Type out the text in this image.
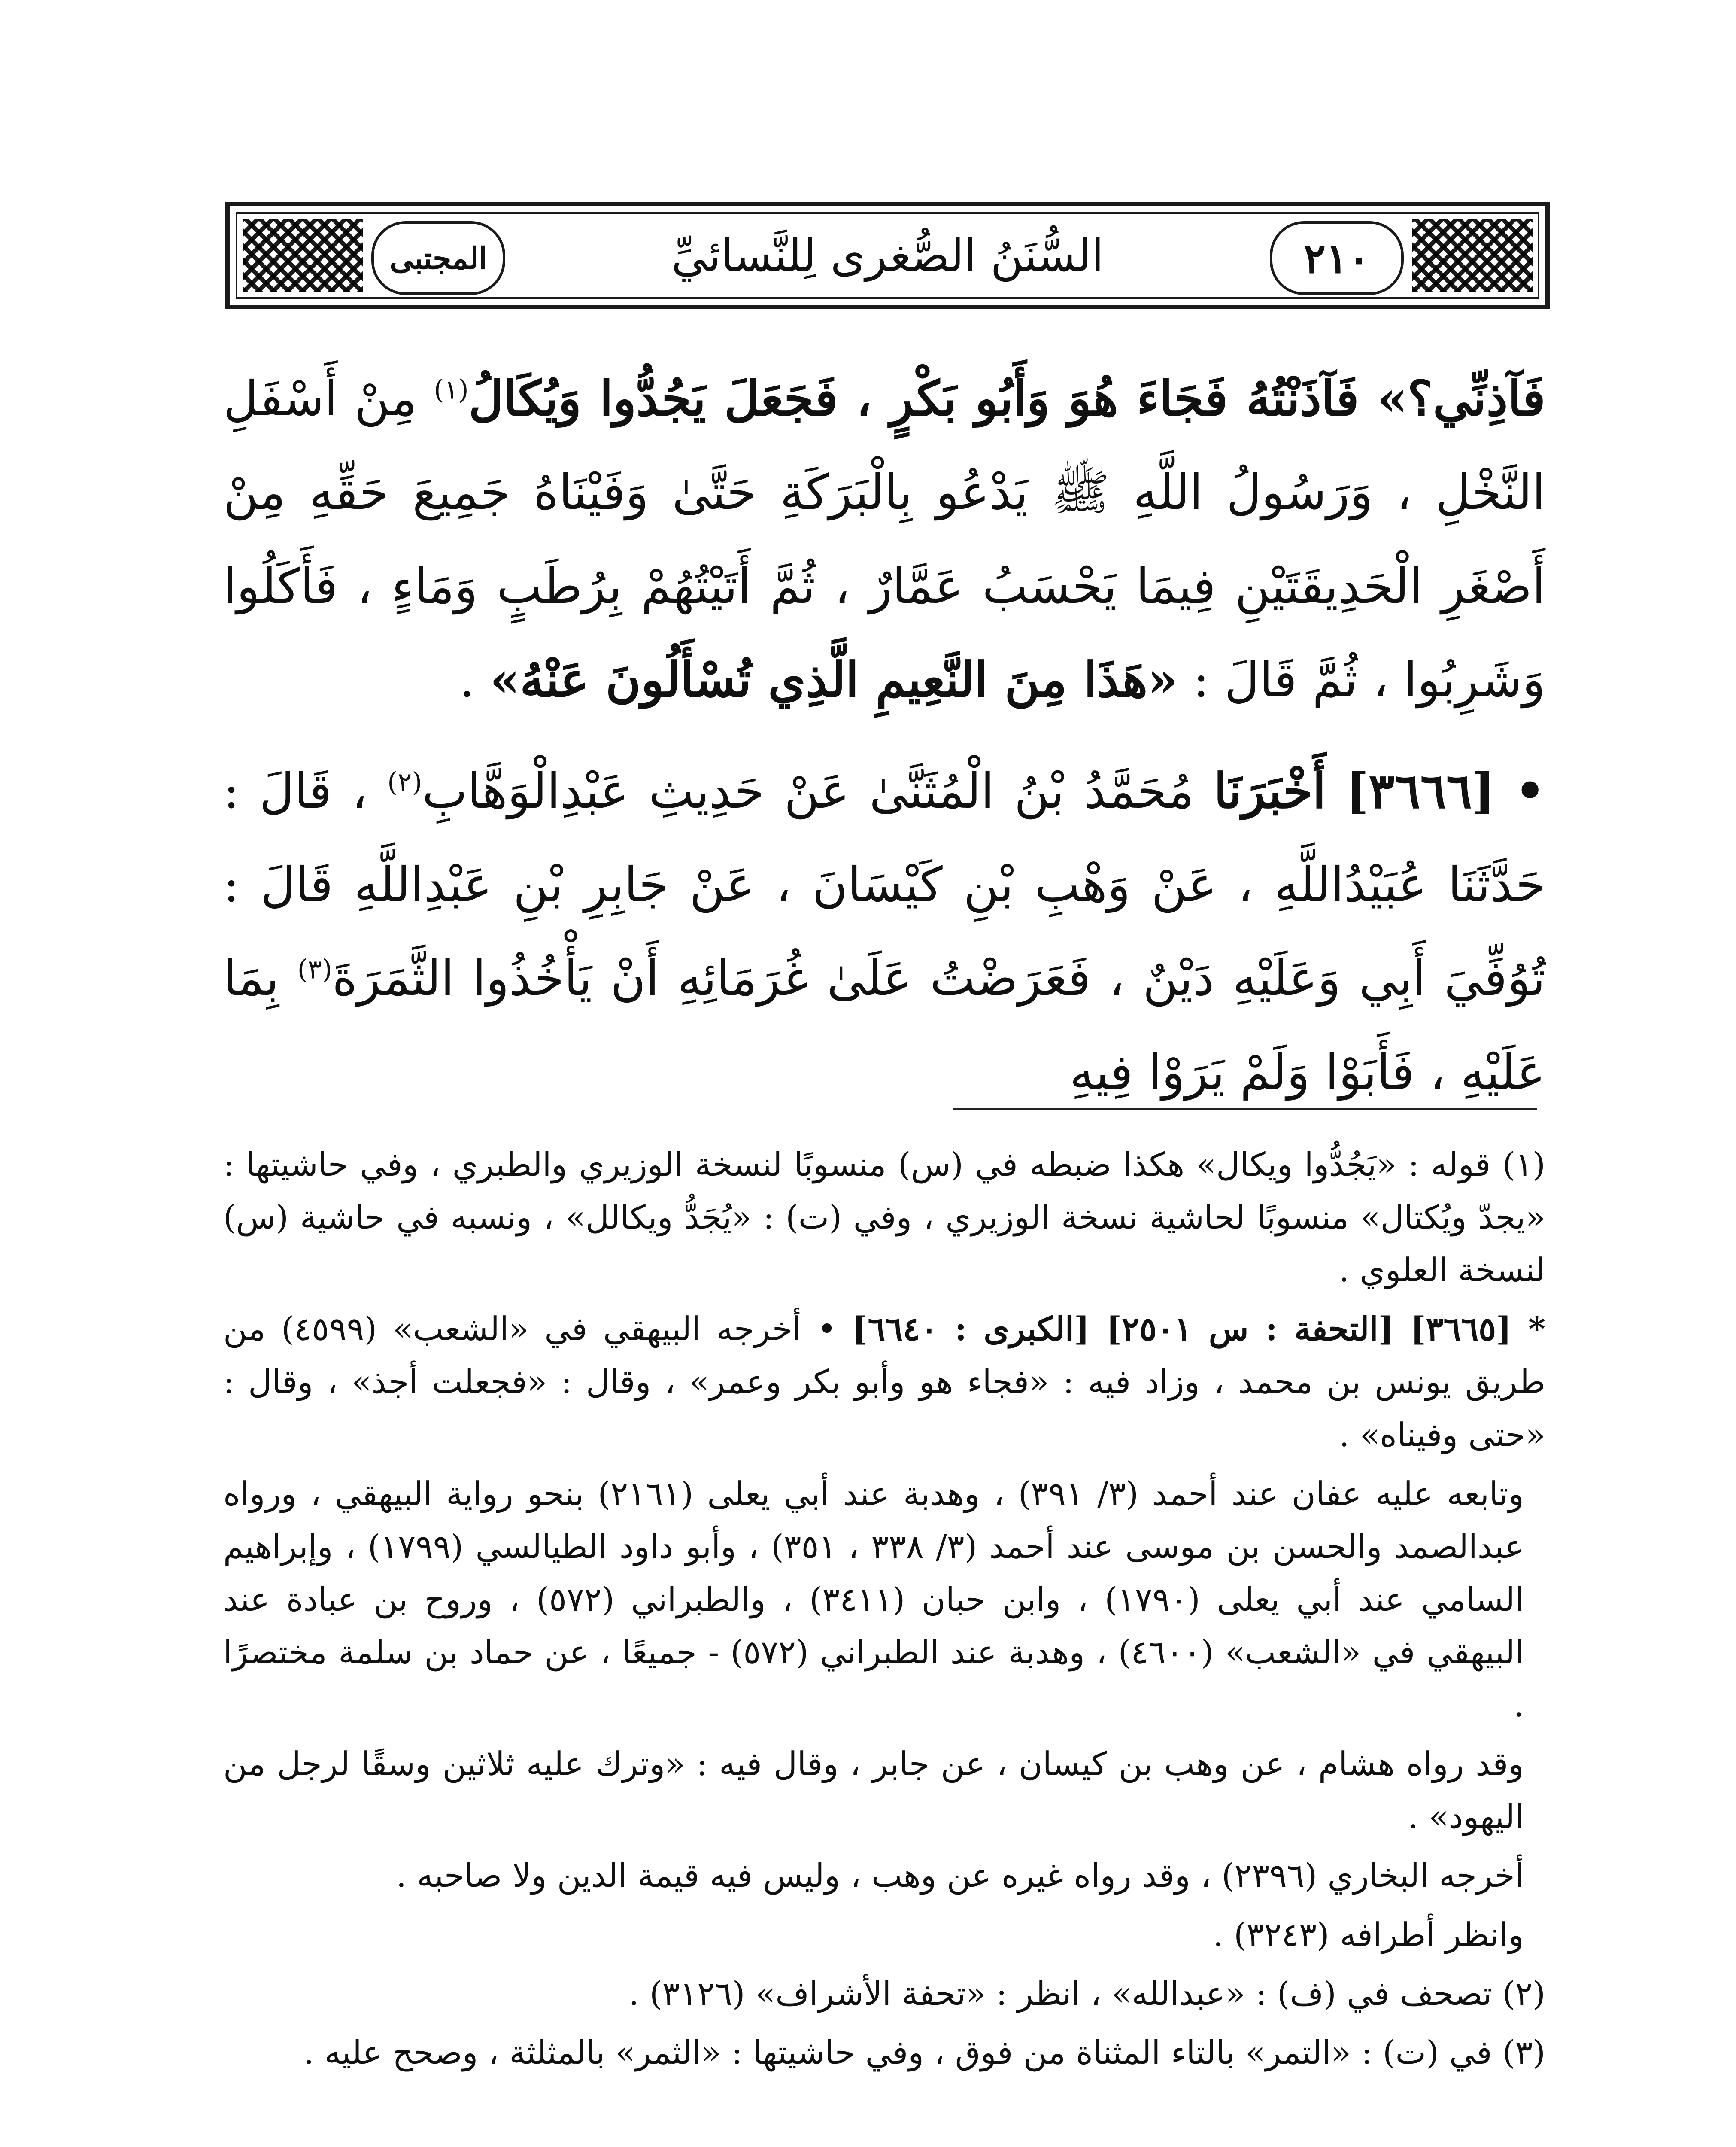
المجتبى	السُّنَنُ الصُّغرى لِلنَّسائيِّ	٢١٠

فَآذِنِّي؟» فَآذَنْتُهُ فَجَاءَ هُوَ وَأَبُو بَكْرٍ ، فَجَعَلَ يَجُدُّوا وَيُكَالُ$^{(١)}$ مِنْ أَسْفَلِ النَّخْلِ ، وَرَسُولُ اللَّهِ ﷺ يَدْعُو بِالْبَرَكَةِ حَتَّىٰ وَفَيْنَاهُ جَمِيعَ حَقِّهِ مِنْ أَصْغَرِ الْحَدِيقَتَيْنِ فِيمَا يَحْسَبُ عَمَّارٌ ، ثُمَّ أَتَيْتُهُمْ بِرُطَبٍ وَمَاءٍ ، فَأَكَلُوا وَشَرِبُوا ، ثُمَّ قَالَ : «هَذَا مِنَ النَّعِيمِ الَّذِي تُسْأَلُونَ عَنْهُ» .

• [٣٦٦٦] أَخْبَرَنَا مُحَمَّدُ بْنُ الْمُثَنَّىٰ عَنْ حَدِيثِ عَبْدِالْوَهَّابِ$^{(٢)}$ ، قَالَ : حَدَّثَنَا عُبَيْدُاللَّهِ ، عَنْ وَهْبِ بْنِ كَيْسَانَ ، عَنْ جَابِرِ بْنِ عَبْدِاللَّهِ قَالَ : تُوُفِّيَ أَبِي وَعَلَيْهِ دَيْنٌ ، فَعَرَضْتُ عَلَىٰ غُرَمَائِهِ أَنْ يَأْخُذُوا الثَّمَرَةَ$^{(٣)}$ بِمَا عَلَيْهِ ، فَأَبَوْا وَلَمْ يَرَوْا فِيهِ

(١) قوله : «يَجُدُّوا ويكال» هكذا ضبطه في (س) منسوبًا لنسخة الوزيري والطبري ، وفي حاشيتها : «يجدّ ويُكتال» منسوبًا لحاشية نسخة الوزيري ، وفي (ت) : «يُجَدُّ ويكالل» ، ونسبه في حاشية (س) لنسخة العلوي .

* [٣٦٦٥] [التحفة : س ٢٥٠١] [الكبرى : ٦٦٤٠] • أخرجه البيهقي في «الشعب» (٤٥٩٩) من طريق يونس بن محمد ، وزاد فيه : «فجاء هو وأبو بكر وعمر» ، وقال : «فجعلت أجذ» ، وقال : «حتى وفيناه» .

وتابعه عليه عفان عند أحمد (٣/ ٣٩١) ، وهدبة عند أبي يعلى (٢١٦١) بنحو رواية البيهقي ، ورواه عبدالصمد والحسن بن موسى عند أحمد (٣/ ٣٣٨ ، ٣٥١) ، وأبو داود الطيالسي (١٧٩٩) ، وإبراهيم السامي عند أبي يعلى (١٧٩٠) ، وابن حبان (٣٤١١) ، والطبراني (٥٧٢) ، وروح بن عبادة عند البيهقي في «الشعب» (٤٦٠٠) ، وهدبة عند الطبراني (٥٧٢) - جميعًا ، عن حماد بن سلمة مختصرًا .

وقد رواه هشام ، عن وهب بن كيسان ، عن جابر ، وقال فيه : «وترك عليه ثلاثين وسقًا لرجل من اليهود» .

أخرجه البخاري (٢٣٩٦) ، وقد رواه غيره عن وهب ، وليس فيه قيمة الدين ولا صاحبه .

وانظر أطرافه (٣٢٤٣) .

(٢) تصحف في (ف) : «عبدالله» ، انظر : «تحفة الأشراف» (٣١٢٦) .

(٣) في (ت) : «التمر» بالتاء المثناة من فوق ، وفي حاشيتها : «الثمر» بالمثلثة ، وصحح عليه .
